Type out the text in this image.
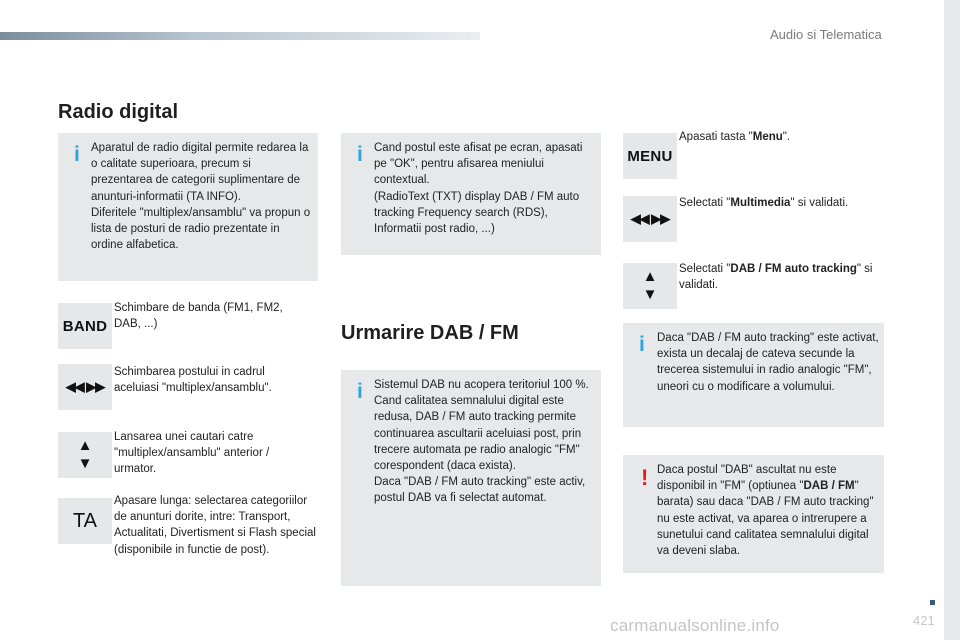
Audio si Telematica
421
carmanualsonline.info
Radio digital
i Aparatul de radio digital permite redarea la o calitate superioara, precum si prezentarea de categorii suplimentare de anunturi-informatii (TA INFO).
Diferitele "multiplex/ansamblu" va propun o lista de posturi de radio prezentate in ordine alfabetica.
BAND
Schimbare de banda (FM1, FM2, DAB, ...)
◀◀ ▶▶
Schimbarea postului in cadrul aceluiasi "multiplex/ansamblu".
▲
▼
Lansarea unei cautari catre "multiplex/ansamblu" anterior / urmator.
TA
Apasare lunga: selectarea categoriilor de anunturi dorite, intre: Transport, Actualitati, Divertisment si Flash special (disponibile in functie de post).
i Cand postul este afisat pe ecran, apasati pe "OK", pentru afisarea meniului contextual.
(RadioText (TXT) display DAB / FM auto tracking Frequency search (RDS), Informatii post radio, ...)
Urmarire DAB / FM
i Sistemul DAB nu acopera teritoriul 100 %.
Cand calitatea semnalului digital este redusa, DAB / FM auto tracking permite continuarea ascultarii aceluiasi post, prin trecere automata pe radio analogic "FM" corespondent (daca exista).
Daca "DAB / FM auto tracking" este activ, postul DAB va fi selectat automat.
MENU
Apasati tasta "Menu".
◀◀ ▶▶
Selectati "Multimedia" si validati.
▲
▼
Selectati "DAB / FM auto tracking" si validati.
i Daca "DAB / FM auto tracking" este activat, exista un decalaj de cateva secunde la trecerea sistemului in radio analogic "FM", uneori cu o modificare a volumului.
! Daca postul "DAB" ascultat nu este disponibil in "FM" (optiunea "DAB / FM" barata) sau daca "DAB / FM auto tracking" nu este activat, va aparea o intrerupere a sunetului cand calitatea semnalului digital va deveni slaba.
